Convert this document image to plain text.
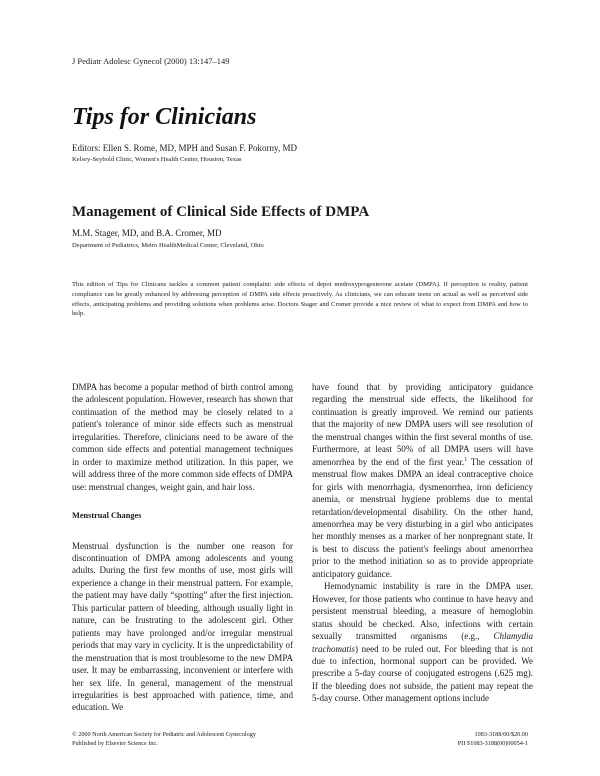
J Pediatr Adolesc Gynecol (2000) 13:147–149
Tips for Clinicians
Editors: Ellen S. Rome, MD, MPH and Susan F. Pokorny, MD
Kelsey-Seybold Clinic, Women's Health Center, Houston, Texas
Management of Clinical Side Effects of DMPA
M.M. Stager, MD, and B.A. Cromer, MD
Department of Pediatrics, Metro HealthMedical Center, Cleveland, Ohio

This edition of Tips for Clinicans tackles a common patient complaint: side effects of depot medroxyprogesterone acetate (DMPA). If perception is reality, patient compliance can be greatly enhanced by addressing perception of DMPA side effects proactively. As clinicians, we can educate teens on actual as well as perceived side effects, anticipating problems and providing solutions when problems arise. Doctors Stager and Cromer provide a nice review of what to expect from DMPA and how to help.

DMPA has become a popular method of birth control among the adolescent population. However, research has shown that continuation of the method may be closely related to a patient's tolerance of minor side effects such as menstrual irregularities. Therefore, clinicians need to be aware of the common side effects and potential management techniques in order to maximize method utilization. In this paper, we will address three of the more common side effects of DMPA use: menstrual changes, weight gain, and hair loss.

Menstrual Changes

Menstrual dysfunction is the number one reason for discontinuation of DMPA among adolescents and young adults. During the first few months of use, most girls will experience a change in their menstrual pattern. For example, the patient may have daily “spotting” after the first injection. This particular pattern of bleeding, although usually light in nature, can be frustrating to the adolescent girl. Other patients may have prolonged and/or irregular menstrual periods that may vary in cyclicity. It is the unpredictability of the menstruation that is most troublesome to the new DMPA user. It may be embarrassing, inconvenient or interfere with her sex life. In general, management of the menstrual irregularities is best approached with patience, time, and education. We

have found that by providing anticipatory guidance regarding the menstrual side effects, the likelihood for continuation is greatly improved. We remind our patients that the majority of new DMPA users will see resolution of the menstrual changes within the first several months of use. Furthermore, at least 50% of all DMPA users will have amenorrhea by the end of the first year.$^1$ The cessation of menstrual flow makes DMPA an ideal contraceptive choice for girls with menorrhagia, dysmenorrhea, iron deficiency anemia, or menstrual hygiene problems due to mental retardation/developmental disability. On the other hand, amenorrhea may be very disturbing in a girl who anticipates her monthly menses as a marker of her nonpregnant state. It is best to discuss the patient's feelings about amenorrhea prior to the method initiation so as to provide appropriate anticipatory guidance.

Hemodynamic instability is rare in the DMPA user. However, for those patients who continue to have heavy and persistent menstrual bleeding, a measure of hemoglobin status should be checked. Also, infections with certain sexually transmitted organisms (e.g., Chlamydia trachomatis) need to be ruled out. For bleeding that is not due to infection, hormonal support can be provided. We prescribe a 5-day course of conjugated estrogens (.625 mg). If the bleeding does not subside, the patient may repeat the 5-day course. Other management options include

© 2000 North American Society for Pediatric and Adolescent Gynecology
Published by Elsevier Science Inc.
1083-3188/00/$20.00
PII S1083-3188(00)00054-1
